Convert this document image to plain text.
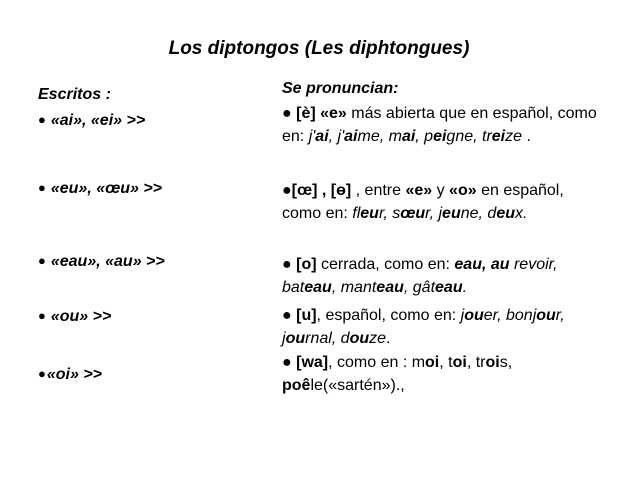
Los diptongos (Les diphtongues)
Escritos :
● «ai», «ei» >>
● «eu», «œu» >>
● «eau», «au» >>
● «ou» >>
●«oi» >>
Se pronuncian:
● [è] «e» más abierta que en español, como en: j'ai, j'aime, mai, peigne, treize .
●[œ] , [ɵ] , entre «e» y «o» en español, como en: fleur, sœur, jeune, deux.
● [o] cerrada, como en: eau, au revoir, bateau, manteau, gâteau.
● [u], español, como en: jouer, bonjour, journal, douze.
● [wa], como en : moi, toi, trois, poêle(«sartén»).,
